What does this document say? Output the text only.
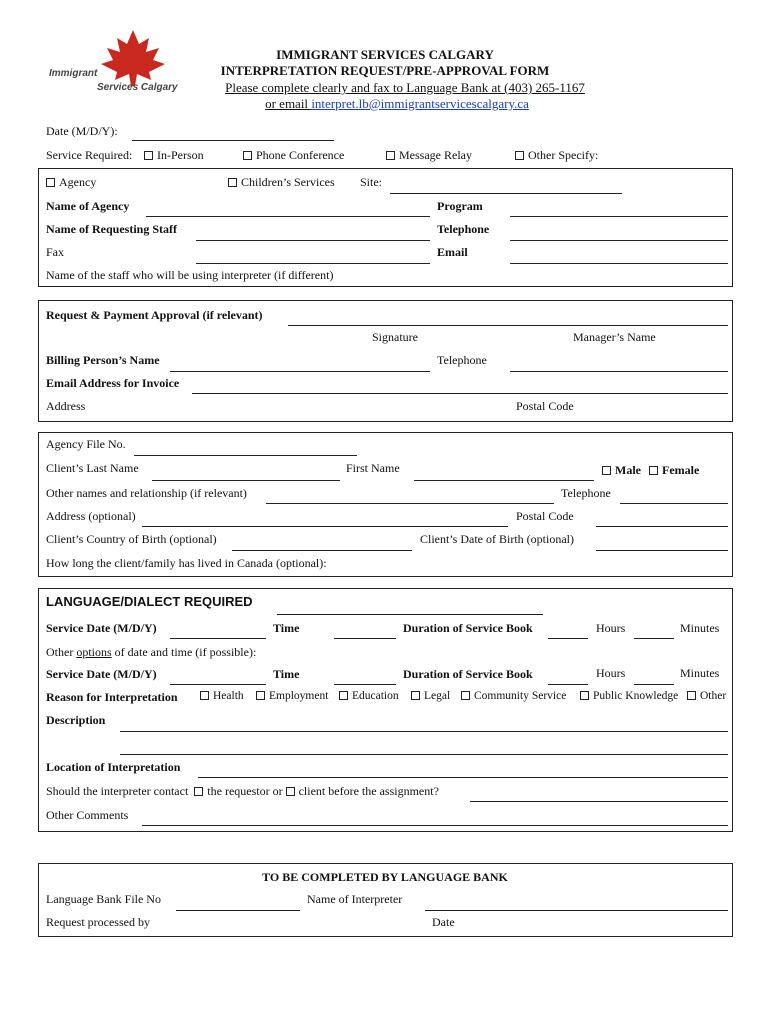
Immigrant
Services Calgary
IMMIGRANT SERVICES CALGARY
INTERPRETATION REQUEST/PRE-APPROVAL FORM
Please complete clearly and fax to Language Bank at (403) 265-1167
or email interpret.lb@immigrantservicescalgary.ca
Date (M/D/Y):
Service Required:	In-Person	Phone Conference	Message Relay	Other Specify:
Agency	Children’s Services Site:
Name of Agency	Program
Name of Requesting Staff	Telephone
Fax	Email
Name of the staff who will be using interpreter (if different)
Request & Payment Approval (if relevant)
Signature	Manager’s Name
Billing Person’s Name	Telephone
Email Address for Invoice
Address	Postal Code
Agency File No.
Client’s Last Name	First Name	Male	Female
Other names and relationship (if relevant)	Telephone
Address (optional)	Postal Code
Client’s Country of Birth (optional)	Client’s Date of Birth (optional)
How long the client/family has lived in Canada (optional):
LANGUAGE/DIALECT REQUIRED
Service Date (M/D/Y)	Time	Duration of Service Book	Hours	Minutes
Other options of date and time (if possible):
Service Date (M/D/Y)	Time	Duration of Service Book	Hours	Minutes
Reason for Interpretation	Health	Employment	Education	Legal	Community Service	Public Knowledge	Other
Description
Location of Interpretation
Should the interpreter contact the requestor or client before the assignment?
Other Comments
TO BE COMPLETED BY LANGUAGE BANK
Language Bank File No	Name of Interpreter
Request processed by	Date
